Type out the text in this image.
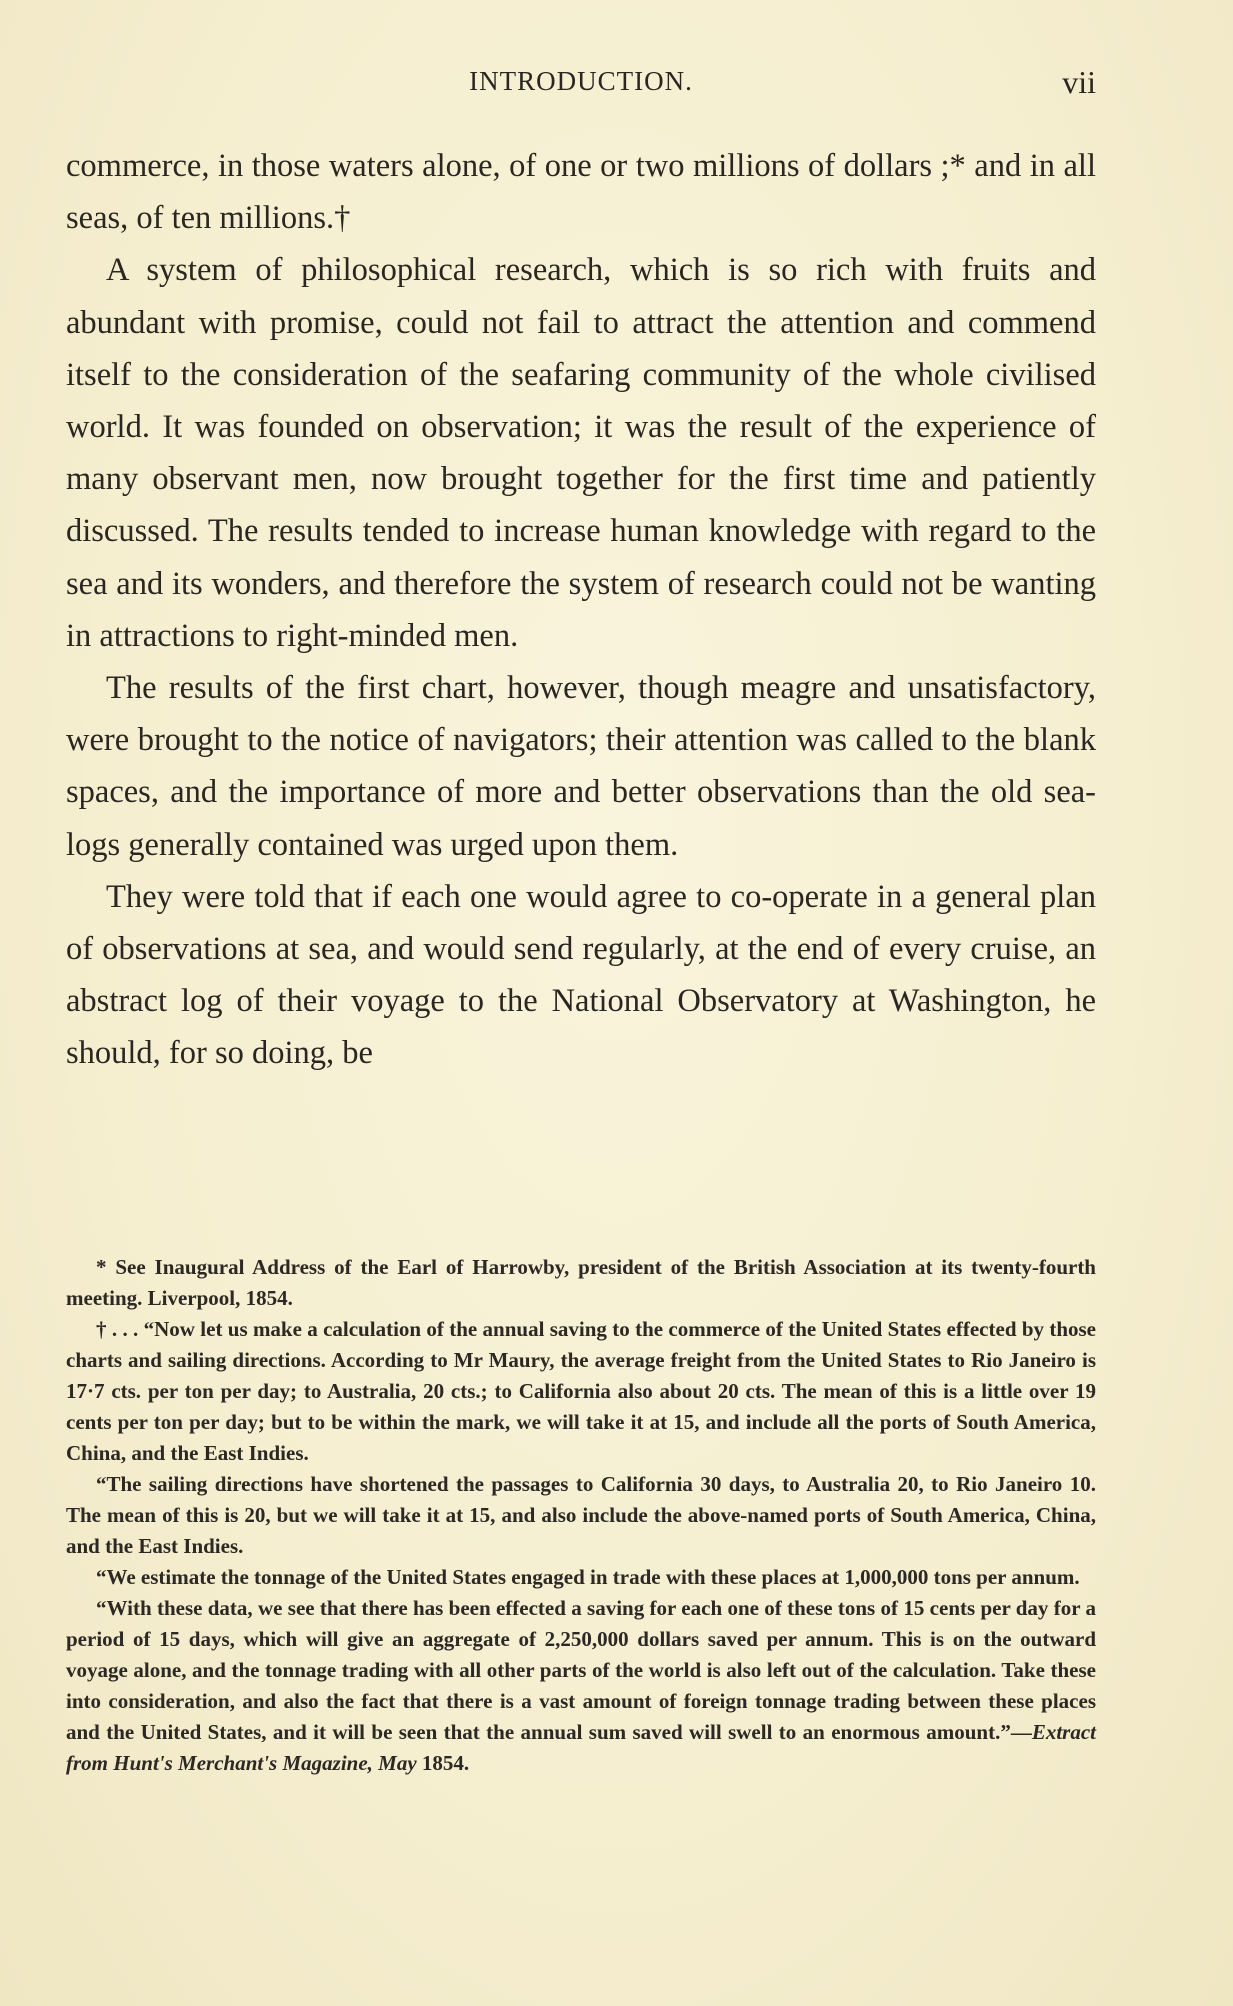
INTRODUCTION.	vii

commerce, in those waters alone, of one or two millions of dollars ;* and in all seas, of ten millions.†

A system of philosophical research, which is so rich with fruits and abundant with promise, could not fail to attract the attention and commend itself to the consideration of the seafaring community of the whole civilised world. It was founded on observation; it was the result of the experience of many observant men, now brought together for the first time and patiently discussed. The results tended to increase human knowledge with regard to the sea and its wonders, and therefore the system of research could not be wanting in attractions to right-minded men.

The results of the first chart, however, though meagre and unsatisfactory, were brought to the notice of navigators; their attention was called to the blank spaces, and the importance of more and better observations than the old sea-logs generally contained was urged upon them.

They were told that if each one would agree to co-operate in a general plan of observations at sea, and would send regularly, at the end of every cruise, an abstract log of their voyage to the National Observatory at Washington, he should, for so doing, be

* See Inaugural Address of the Earl of Harrowby, president of the British Association at its twenty-fourth meeting. Liverpool, 1854.

† . . . “Now let us make a calculation of the annual saving to the commerce of the United States effected by those charts and sailing directions. According to Mr Maury, the average freight from the United States to Rio Janeiro is 17·7 cts. per ton per day; to Australia, 20 cts.; to California also about 20 cts. The mean of this is a little over 19 cents per ton per day; but to be within the mark, we will take it at 15, and include all the ports of South America, China, and the East Indies.

“The sailing directions have shortened the passages to California 30 days, to Australia 20, to Rio Janeiro 10. The mean of this is 20, but we will take it at 15, and also include the above-named ports of South America, China, and the East Indies.

“We estimate the tonnage of the United States engaged in trade with these places at 1,000,000 tons per annum.

“With these data, we see that there has been effected a saving for each one of these tons of 15 cents per day for a period of 15 days, which will give an aggregate of 2,250,000 dollars saved per annum. This is on the outward voyage alone, and the tonnage trading with all other parts of the world is also left out of the calculation. Take these into consideration, and also the fact that there is a vast amount of foreign tonnage trading between these places and the United States, and it will be seen that the annual sum saved will swell to an enormous amount.”—Extract from Hunt's Merchant's Magazine, May 1854.
